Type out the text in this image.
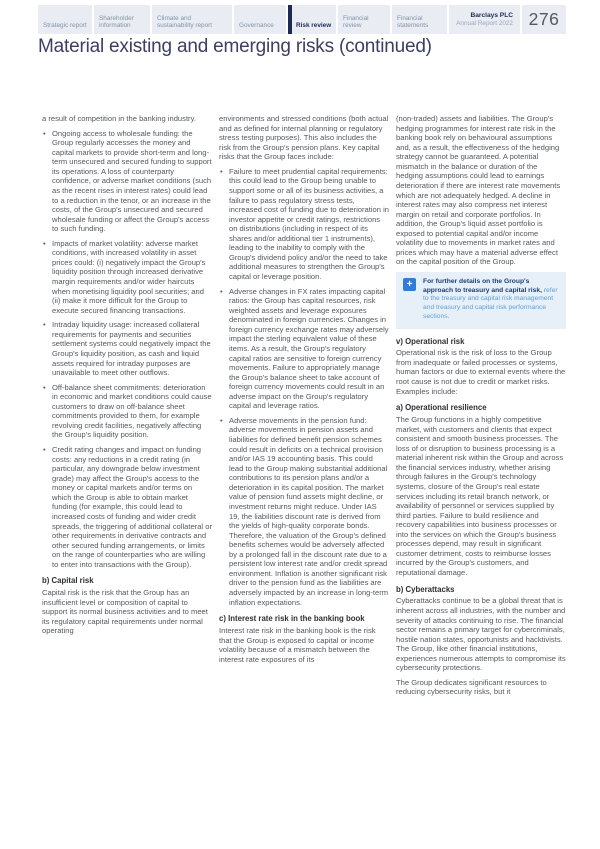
Strategic report
Shareholder information
Climate and sustainability report	Governance	Risk review
Financial review
Financial statements
Barclays PLC
Annual Report 2022 276
Material existing and emerging risks (continued)

a result of competition in the banking industry.

• Ongoing access to wholesale funding: the Group regularly accesses the money and capital markets to provide short-term and long-term unsecured and secured funding to support its operations. A loss of counterparty confidence, or adverse market conditions (such as the recent rises in interest rates) could lead to a reduction in the tenor, or an increase in the costs, of the Group's unsecured and secured wholesale funding or affect the Group's access to such funding.
• Impacts of market volatility: adverse market conditions, with increased volatility in asset prices could: (i) negatively impact the Group's liquidity position through increased derivative margin requirements and/or wider haircuts when monetising liquidity pool securities; and (ii) make it more difficult for the Group to execute secured financing transactions.
• Intraday liquidity usage: increased collateral requirements for payments and securities settlement systems could negatively impact the Group's liquidity position, as cash and liquid assets required for intraday purposes are unavailable to meet other outflows.
• Off-balance sheet commitments: deterioration in economic and market conditions could cause customers to draw on off-balance sheet commitments provided to them, for example revolving credit facilities, negatively affecting the Group's liquidity position.
• Credit rating changes and impact on funding costs: any reductions in a credit rating (in particular, any downgrade below investment grade) may affect the Group's access to the money or capital markets and/or terms on which the Group is able to obtain market funding (for example, this could lead to increased costs of funding and wider credit spreads, the triggering of additional collateral or other requirements in derivative contracts and other secured funding arrangements, or limits on the range of counterparties who are willing to enter into transactions with the Group).
b) Capital risk

Capital risk is the risk that the Group has an insufficient level or composition of capital to support its normal business activities and to meet its regulatory capital requirements under normal operating

environments and stressed conditions (both actual and as defined for internal planning or regulatory stress testing purposes). This also includes the risk from the Group's pension plans. Key capital risks that the Group faces include:

• Failure to meet prudential capital requirements: this could lead to the Group being unable to support some or all of its business activities, a failure to pass regulatory stress tests, increased cost of funding due to deterioration in investor appetite or credit ratings, restrictions on distributions (including in respect of its shares and/or additional tier 1 instruments), leading to the inability to comply with the Group's dividend policy and/or the need to take additional measures to strengthen the Group's capital or leverage position.
• Adverse changes in FX rates impacting capital ratios: the Group has capital resources, risk weighted assets and leverage exposures denominated in foreign currencies. Changes in foreign currency exchange rates may adversely impact the sterling equivalent value of these items. As a result, the Group's regulatory capital ratios are sensitive to foreign currency movements. Failure to appropriately manage the Group's balance sheet to take account of foreign currency movements could result in an adverse impact on the Group's regulatory capital and leverage ratios.
• Adverse movements in the pension fund: adverse movements in pension assets and liabilities for defined benefit pension schemes could result in deficits on a technical provision and/or IAS 19 accounting basis. This could lead to the Group making substantial additional contributions to its pension plans and/or a deterioration in its capital position. The market value of pension fund assets might decline, or investment returns might reduce. Under IAS 19, the liabilities discount rate is derived from the yields of high-quality corporate bonds. Therefore, the valuation of the Group's defined benefits schemes would be adversely affected by a prolonged fall in the discount rate due to a persistent low interest rate and/or credit spread environment. Inflation is another significant risk driver to the pension fund as the liabilities are adversely impacted by an increase in long-term inflation expectations.
c) Interest rate risk in the banking book

Interest rate risk in the banking book is the risk that the Group is exposed to capital or income volatility because of a mismatch between the interest rate exposures of its

(non-traded) assets and liabilities. The Group's hedging programmes for interest rate risk in the banking book rely on behavioural assumptions and, as a result, the effectiveness of the hedging strategy cannot be guaranteed. A potential mismatch in the balance or duration of the hedging assumptions could lead to earnings deterioration if there are interest rate movements which are not adequately hedged. A decline in interest rates may also compress net interest margin on retail and corporate portfolios. In addition, the Group's liquid asset portfolio is exposed to potential capital and/or income volatility due to movements in market rates and prices which may have a material adverse effect on the capital position of the Group.

+	For further details on the Group's approach to treasury and capital risk, refer to the treasury and capital risk management and treasury and capital risk performance sections.
v) Operational risk

Operational risk is the risk of loss to the Group from inadequate or failed processes or systems, human factors or due to external events where the root cause is not due to credit or market risks. Examples include:

a) Operational resilience

The Group functions in a highly competitive market, with customers and clients that expect consistent and smooth business processes. The loss of or disruption to business processing is a material inherent risk within the Group and across the financial services industry, whether arising through failures in the Group's technology systems, closure of the Group's real estate services including its retail branch network, or availability of personnel or services supplied by third parties. Failure to build resilience and recovery capabilities into business processes or into the services on which the Group's business processes depend, may result in significant customer detriment, costs to reimburse losses incurred by the Group's customers, and reputational damage.

b) Cyberattacks

Cyberattacks continue to be a global threat that is inherent across all industries, with the number and severity of attacks continuing to rise. The financial sector remains a primary target for cybercriminals, hostile nation states, opportunists and hacktivists. The Group, like other financial institutions, experiences numerous attempts to compromise its cybersecurity protections.

The Group dedicates significant resources to reducing cybersecurity risks, but it
